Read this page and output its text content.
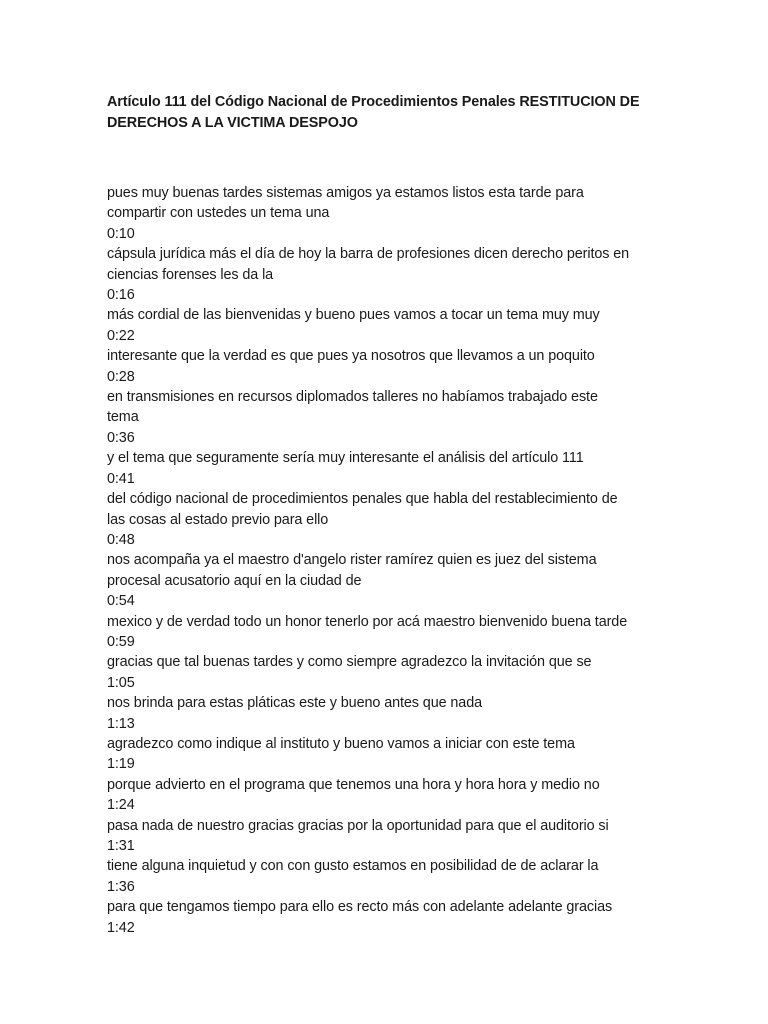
Artículo 111 del Código Nacional de Procedimientos Penales RESTITUCION DE DERECHOS A LA VICTIMA DESPOJO

pues muy buenas tardes sistemas amigos ya estamos listos esta tarde para

compartir con ustedes un tema una

0:10

cápsula jurídica más el día de hoy la barra de profesiones dicen derecho peritos en

ciencias forenses les da la

0:16

más cordial de las bienvenidas y bueno pues vamos a tocar un tema muy muy

0:22

interesante que la verdad es que pues ya nosotros que llevamos a un poquito

0:28

en transmisiones en recursos diplomados talleres no habíamos trabajado este

tema

0:36

y el tema que seguramente sería muy interesante el análisis del artículo 111

0:41

del código nacional de procedimientos penales que habla del restablecimiento de

las cosas al estado previo para ello

0:48

nos acompaña ya el maestro d'angelo rister ramírez quien es juez del sistema

procesal acusatorio aquí en la ciudad de

0:54

mexico y de verdad todo un honor tenerlo por acá maestro bienvenido buena tarde

0:59

gracias que tal buenas tardes y como siempre agradezco la invitación que se

1:05

nos brinda para estas pláticas este y bueno antes que nada

1:13

agradezco como indique al instituto y bueno vamos a iniciar con este tema

1:19

porque advierto en el programa que tenemos una hora y hora hora y medio no

1:24

pasa nada de nuestro gracias gracias por la oportunidad para que el auditorio si

1:31

tiene alguna inquietud y con con gusto estamos en posibilidad de de aclarar la

1:36

para que tengamos tiempo para ello es recto más con adelante adelante gracias

1:42
